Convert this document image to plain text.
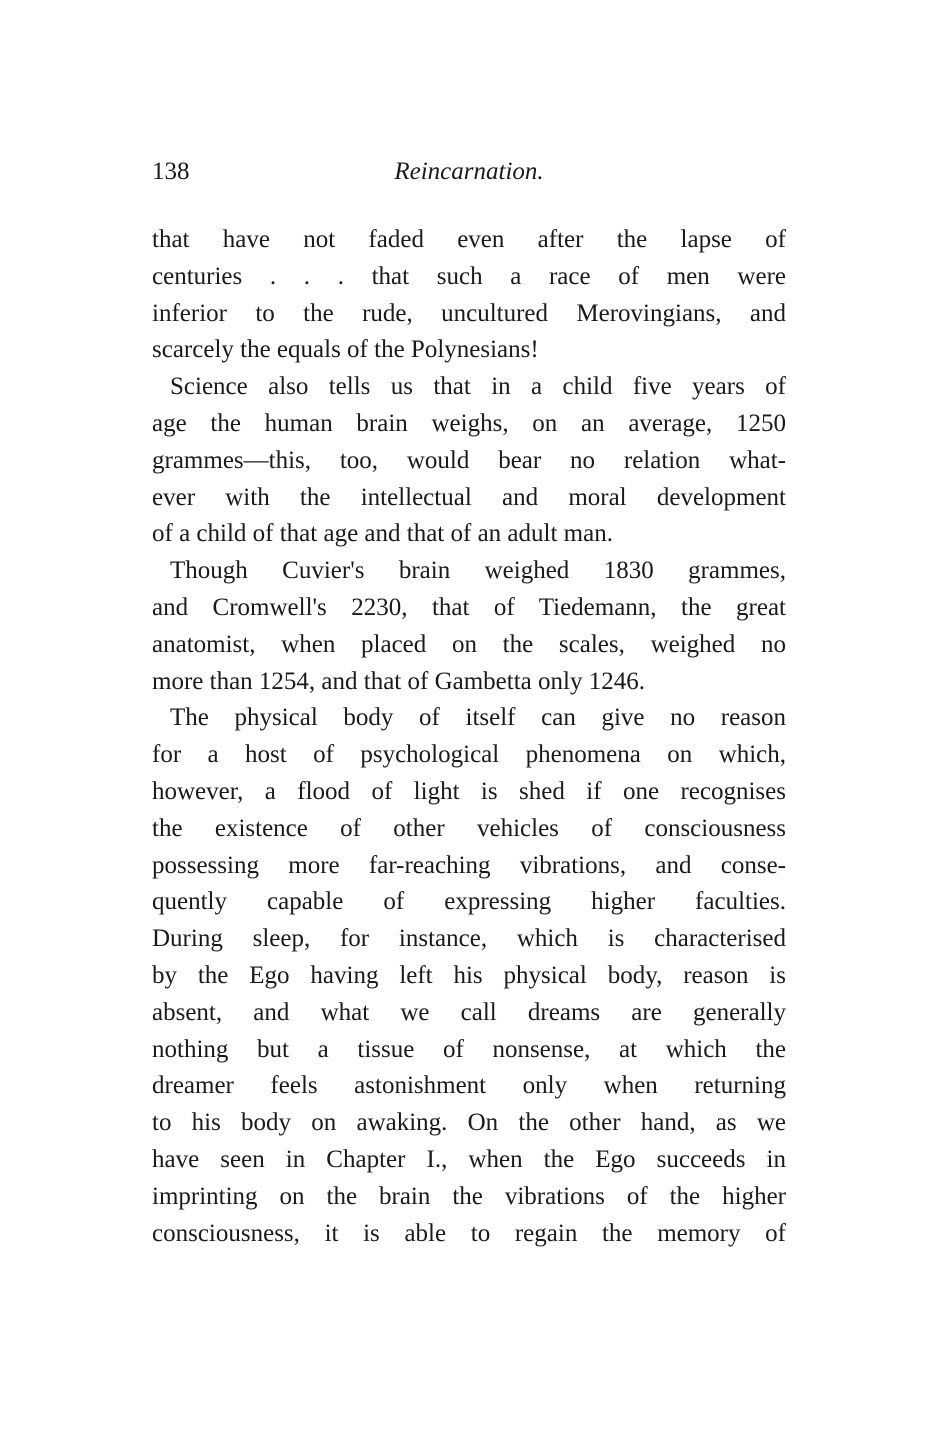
138	Reincarnation.
that have not faded even after the lapse of
centuries . . . that such a race of men were
inferior to the rude, uncultured Merovingians, and
scarcely the equals of the Polynesians!
Science also tells us that in a child five years of
age the human brain weighs, on an average, 1250
grammes—this, too, would bear no relation what-
ever with the intellectual and moral development
of a child of that age and that of an adult man.
Though Cuvier's brain weighed 1830 grammes,
and Cromwell's 2230, that of Tiedemann, the great
anatomist, when placed on the scales, weighed no
more than 1254, and that of Gambetta only 1246.
The physical body of itself can give no reason
for a host of psychological phenomena on which,
however, a flood of light is shed if one recognises
the existence of other vehicles of consciousness
possessing more far-reaching vibrations, and conse-
quently capable of expressing higher faculties.
During sleep, for instance, which is characterised
by the Ego having left his physical body, reason is
absent, and what we call dreams are generally
nothing but a tissue of nonsense, at which the
dreamer feels astonishment only when returning
to his body on awaking. On the other hand, as we
have seen in Chapter I., when the Ego succeeds in
imprinting on the brain the vibrations of the higher
consciousness, it is able to regain the memory of
